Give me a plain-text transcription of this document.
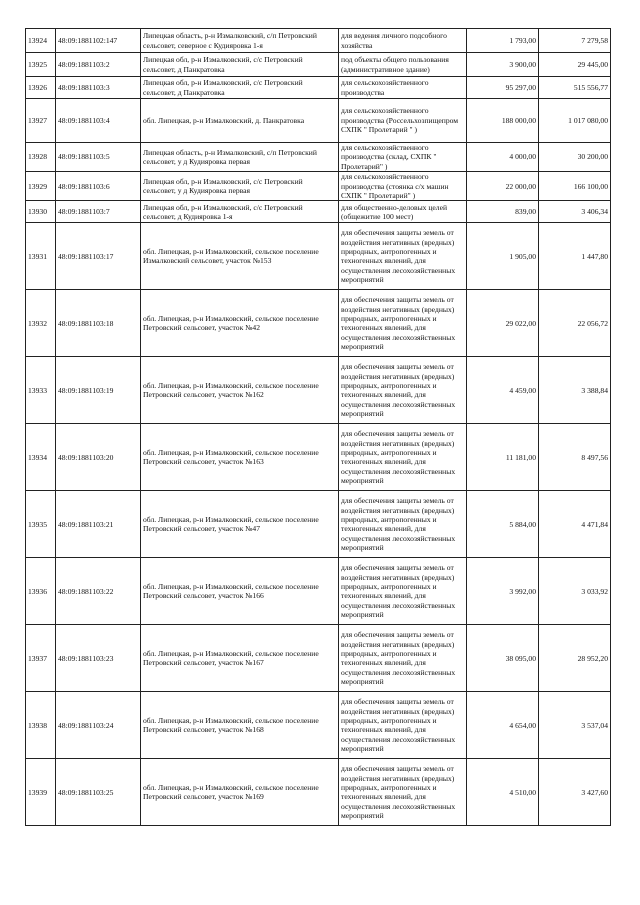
13924	48:09:1881102:147	Липецкая область, р-н Измалковский, с/п Петровский сельсовет, северное с Кудияровка 1-я	для ведения личного подсобного хозяйства	1 793,00	7 279,58
13925	48:09:1881103:2	Липецкая обл, р-н Измалковский, с/с Петровский сельсовет, д Панкратовка	под объекты общего пользования (административное здание)	3 900,00	29 445,00
13926	48:09:1881103:3	Липецкая обл, р-н Измалковский, с/с Петровский сельсовет, д Панкратовка	для сельскохозяйственного производства	95 297,00	515 556,77
13927	48:09:1881103:4	обл. Липецкая, р-н Измалковский, д. Панкратовка	для сельскохозяйственного производства (Россельхозпищепром СХПК " Пролетарий " )	188 000,00	1 017 080,00
13928	48:09:1881103:5	Липецкая область, р-н Измалковский, с/п Петровский сельсовет, у д Кудияровка первая	для сельскохозяйственного производства (склад, СХПК " Пролетарий" )	4 000,00	30 200,00
13929	48:09:1881103:6	Липецкая обл, р-н Измалковский, с/с Петровский сельсовет, у д Кудияровка первая	для сельскохозяйственного производства (стоянка с/х машин СХПК " Пролетарий" )	22 000,00	166 100,00
13930	48:09:1881103:7	Липецкая обл, р-н Измалковский, с/с Петровский сельсовет, д Кудияровка 1-я	для общественно-деловых целей (общежитие 100 мест)	839,00	3 406,34
13931	48:09:1881103:17	обл. Липецкая, р-н Измалковский, сельское поселение Измалковский сельсовет, участок №153	для обеспечения защиты земель от воздействия негативных (вредных) природных, антропогенных и техногенных явлений, для осуществления лесохозяйственных мероприятий	1 905,00	1 447,80
13932	48:09:1881103:18	обл. Липецкая, р-н Измалковский, сельское поселение Петровский сельсовет, участок №42	для обеспечения защиты земель от воздействия негативных (вредных) природных, антропогенных и техногенных явлений, для осуществления лесохозяйственных мероприятий	29 022,00	22 056,72
13933	48:09:1881103:19	обл. Липецкая, р-н Измалковский, сельское поселение Петровский сельсовет, участок №162	для обеспечения защиты земель от воздействия негативных (вредных) природных, антропогенных и техногенных явлений, для осуществления лесохозяйственных мероприятий	4 459,00	3 388,84
13934	48:09:1881103:20	обл. Липецкая, р-н Измалковский, сельское поселение Петровский сельсовет, участок №163	для обеспечения защиты земель от воздействия негативных (вредных) природных, антропогенных и техногенных явлений, для осуществления лесохозяйственных мероприятий	11 181,00	8 497,56
13935	48:09:1881103:21	обл. Липецкая, р-н Измалковский, сельское поселение Петровский сельсовет, участок №47	для обеспечения защиты земель от воздействия негативных (вредных) природных, антропогенных и техногенных явлений, для осуществления лесохозяйственных мероприятий	5 884,00	4 471,84
13936	48:09:1881103:22	обл. Липецкая, р-н Измалковский, сельское поселение Петровский сельсовет, участок №166	для обеспечения защиты земель от воздействия негативных (вредных) природных, антропогенных и техногенных явлений, для осуществления лесохозяйственных мероприятий	3 992,00	3 033,92
13937	48:09:1881103:23	обл. Липецкая, р-н Измалковский, сельское поселение Петровский сельсовет, участок №167	для обеспечения защиты земель от воздействия негативных (вредных) природных, антропогенных и техногенных явлений, для осуществления лесохозяйственных мероприятий	38 095,00	28 952,20
13938	48:09:1881103:24	обл. Липецкая, р-н Измалковский, сельское поселение Петровский сельсовет, участок №168	для обеспечения защиты земель от воздействия негативных (вредных) природных, антропогенных и техногенных явлений, для осуществления лесохозяйственных мероприятий	4 654,00	3 537,04
13939	48:09:1881103:25	обл. Липецкая, р-н Измалковский, сельское поселение Петровский сельсовет, участок №169	для обеспечения защиты земель от воздействия негативных (вредных) природных, антропогенных и техногенных явлений, для осуществления лесохозяйственных мероприятий	4 510,00	3 427,60
